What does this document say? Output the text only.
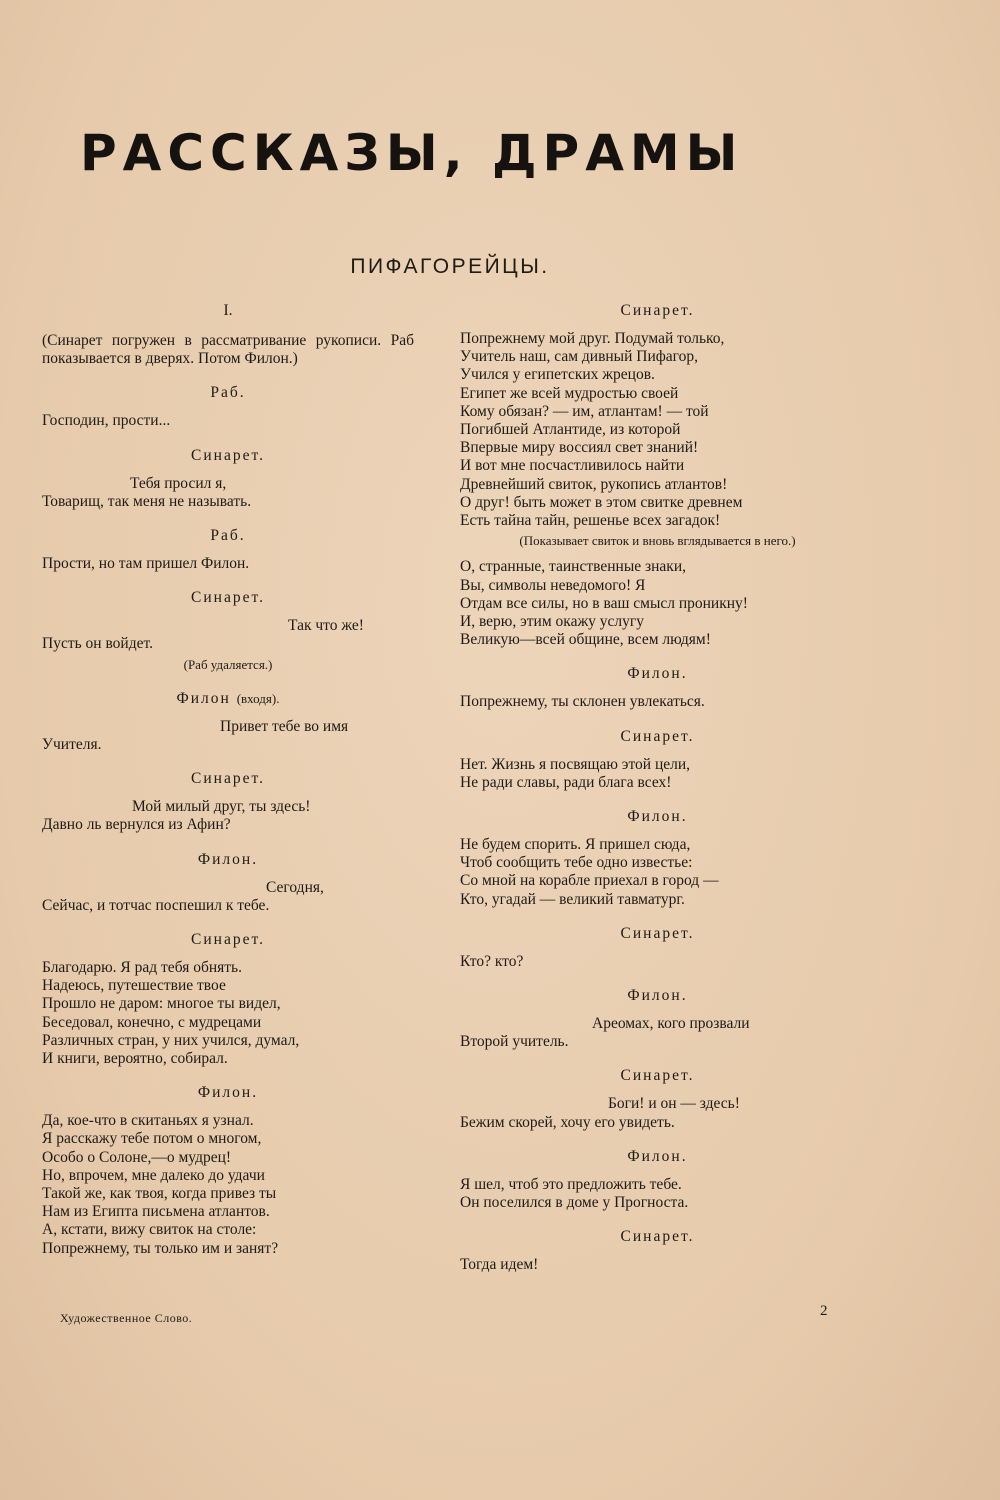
РАССКАЗЫ, ДРАМЫ
ПИФАГОРЕЙЦЫ.
I.
(Синарет погружен в рассматривание рукописи. Раб показывается в дверях. Потом Филон.)
Раб.
Господин, прости...
Синарет.
Тебя просил я,
Товарищ, так меня не называть.
Раб.
Прости, но там пришел Филон.
Синарет.
Так что же!
Пусть он войдет.
(Раб удаляется.)
Филон (входя).
Привет тебе во имя
Учителя.
Синарет.
Мой милый друг, ты здесь!
Давно ль вернулся из Афин?
Филон.
Сегодня,
Сейчас, и тотчас поспешил к тебе.
Синарет.
Благодарю. Я рад тебя обнять.
Надеюсь, путешествие твое
Прошло не даром: многое ты видел,
Беседовал, конечно, с мудрецами
Различных стран, у них учился, думал,
И книги, вероятно, собирал.
Филон.
Да, кое-что в скитаньях я узнал.
Я расскажу тебе потом о многом,
Особо о Солоне,—о мудрец!
Но, впрочем, мне далеко до удачи
Такой же, как твоя, когда привез ты
Нам из Египта письмена атлантов.
А, кстати, вижу свиток на столе:
Попрежнему, ты только им и занят?
Синарет.
Попрежнему мой друг. Подумай только,
Учитель наш, сам дивный Пифагор,
Учился у египетских жрецов.
Египет же всей мудростью своей
Кому обязан? — им, атлантам! — той
Погибшей Атлантиде, из которой
Впервые миру воссиял свет знаний!
И вот мне посчастливилось найти
Древнейший свиток, рукопись атлантов!
О друг! быть может в этом свитке древнем
Есть тайна тайн, решенье всех загадок!
(Показывает свиток и вновь вглядывается в него.)
О, странные, таинственные знаки,
Вы, символы неведомого! Я
Отдам все силы, но в ваш смысл проникну!
И, верю, этим окажу услугу
Великую—всей общине, всем людям!
Филон.
Попрежнему, ты склонен увлекаться.
Синарет.
Нет. Жизнь я посвящаю этой цели,
Не ради славы, ради блага всех!
Филон.
Не будем спорить. Я пришел сюда,
Чтоб сообщить тебе одно известье:
Со мной на корабле приехал в город —
Кто, угадай — великий тавматург.
Синарет.
Кто? кто?
Филон.
Ареомах, кого прозвали
Второй учитель.
Синарет.
Боги! и он — здесь!
Бежим скорей, хочу его увидеть.
Филон.
Я шел, чтоб это предложить тебе.
Он поселился в доме у Прогноста.
Синарет.
Тогда идем!
Художественное Слово.	2
